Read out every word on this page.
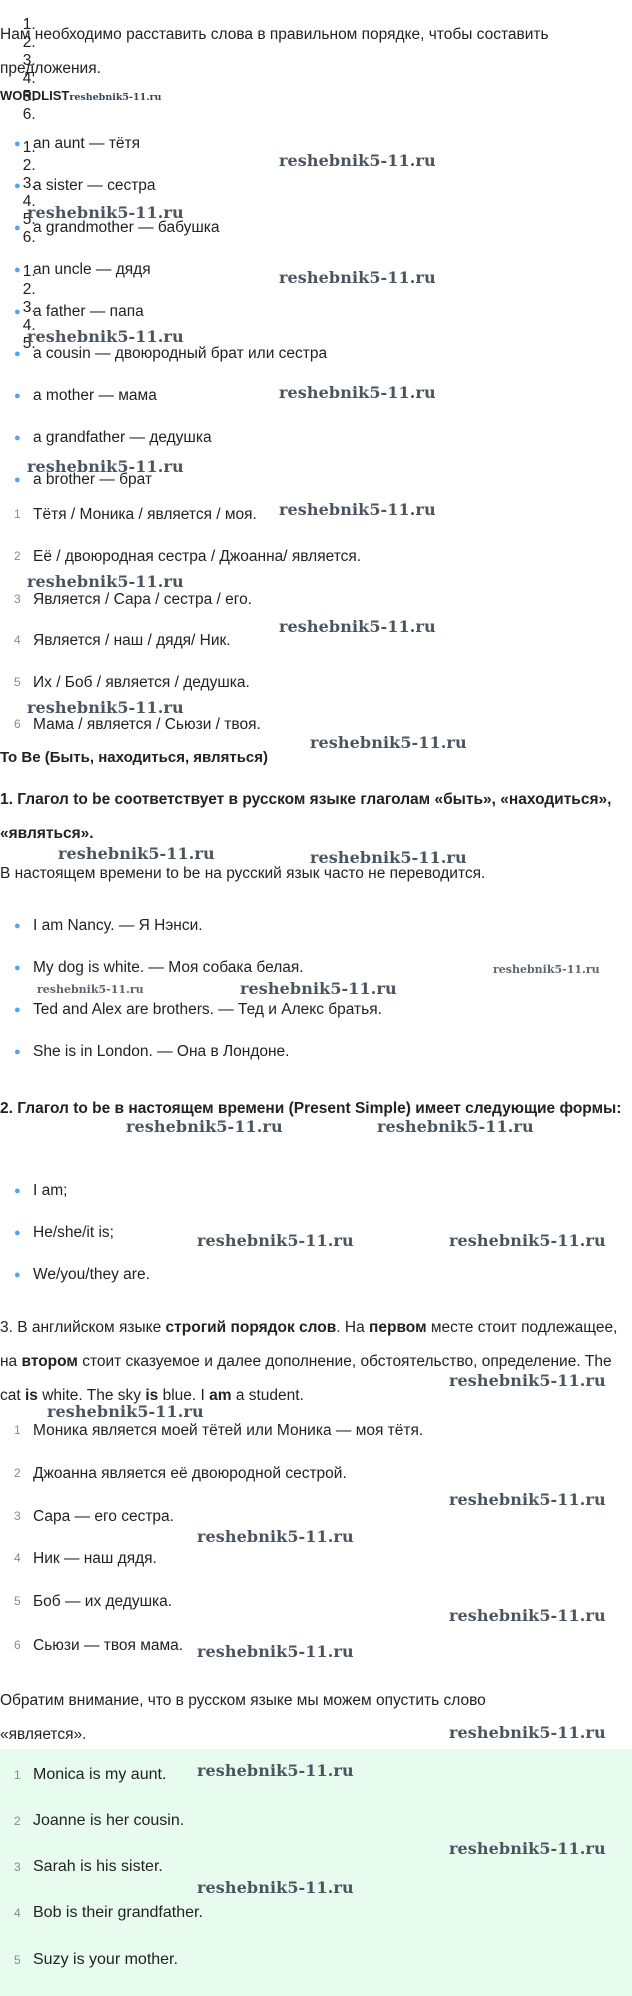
Нам необходимо расставить слова в правильном порядке, чтобы составить предложения.
WORDLISTreshebnik5-11.ru
● an aunt — тётя
● a sister — сестра
● a grandmother — бабушка
● an uncle — дядя
● a father — папа
● a cousin — двоюродный брат или сестра
● a mother — мама
● a grandfather — дедушка
● a brother — брат
1. 1 Тётя / Моника / является / моя.
2. 2 Её / двоюродная сестра / Джоанна/ является.
3. 3 Является / Сара / сестра / его.
4. 4 Является / наш / дядя/ Ник.
5. 5 Их / Боб / является / дедушка.
6. 6 Мама / является / Сьюзи / твоя.
To Be (Быть, находиться, являться)
1. Глагол to be соответствует в русском языке глаголам «быть», «находиться», «являться».
В настоящем времени to be на русский язык часто не переводится.
● I am Nancy. — Я Нэнси.
● My dog is white. — Моя собака белая.
● Ted and Alex are brothers. — Тед и Алекс братья.
● She is in London. — Она в Лондоне.
2. Глагол to be в настоящем времени (Present Simple) имеет следующие формы:
● I am;
● He/she/it is;
● We/you/they are.
3. В английском языке строгий порядок слов. На первом месте стоит подлежащее, на втором стоит сказуемое и далее дополнение, обстоятельство, определение. The cat is white. The sky is blue. I am a student.
1. 1 Моника является моей тётей или Моника — моя тётя.
2. 2 Джоанна является её двоюродной сестрой.
3. 3 Сара — его сестра.
4. 4 Ник — наш дядя.
5. 5 Боб — их дедушка.
6. 6 Сьюзи — твоя мама.
Обратим внимание, что в русском языке мы можем опустить слово «является».
1. 1 Monica is my aunt.
2. 2 Joanne is her cousin.
3. 3 Sarah is his sister.
4. 4 Bob is their grandfather.
5. 5 Suzy is your mother.
reshebnik5-11.ru
reshebnik5-11.ru
reshebnik5-11.ru
reshebnik5-11.ru
reshebnik5-11.ru
reshebnik5-11.ru
reshebnik5-11.ru
reshebnik5-11.ru
reshebnik5-11.ru
reshebnik5-11.ru
reshebnik5-11.ru
reshebnik5-11.ru	reshebnik5-11.ru
reshebnik5-11.ru
reshebnik5-11.ru	reshebnik5-11.ru
reshebnik5-11.ru	reshebnik5-11.ru
reshebnik5-11.ru	reshebnik5-11.ru
reshebnik5-11.ru
reshebnik5-11.ru
reshebnik5-11.ru
reshebnik5-11.ru
reshebnik5-11.ru
reshebnik5-11.ru
reshebnik5-11.ru
reshebnik5-11.ru
reshebnik5-11.ru
reshebnik5-11.ru
